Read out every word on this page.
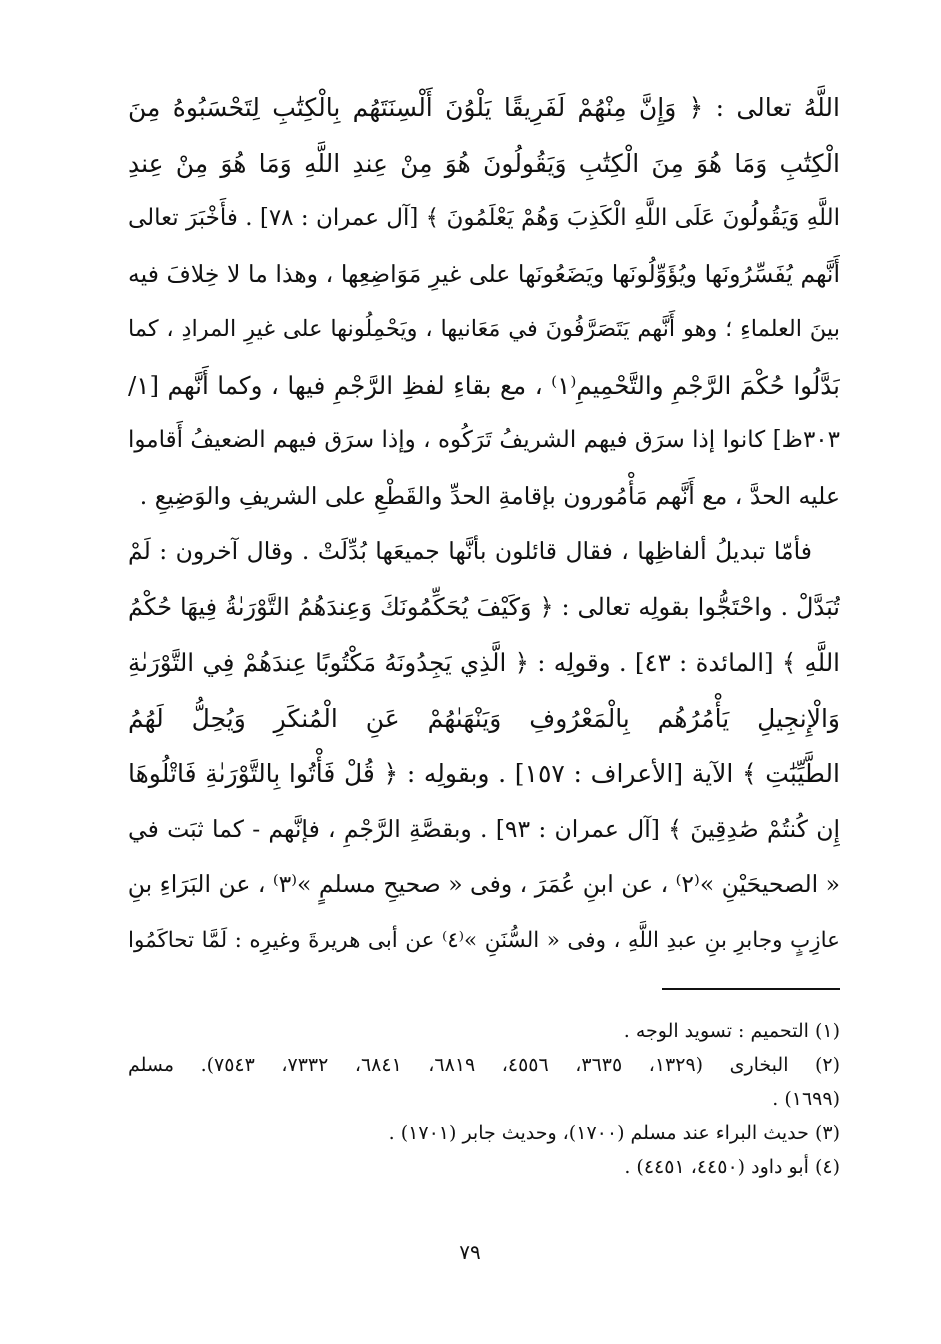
اللَّهُ تعالى : ﴿ وَإِنَّ مِنْهُمْ لَفَرِيقًا يَلْوُنَ أَلْسِنَتَهُم بِالْكِتَٰبِ لِتَحْسَبُوهُ مِنَ
الْكِتَٰبِ وَمَا هُوَ مِنَ الْكِتَٰبِ وَيَقُولُونَ هُوَ مِنْ عِندِ اللَّهِ وَمَا هُوَ مِنْ عِندِ
اللَّهِ وَيَقُولُونَ عَلَى اللَّهِ الْكَذِبَ وَهُمْ يَعْلَمُونَ ﴾ [آل عمران : ٧٨] . فأَخْبَرَ تعالى
أَنَّهم يُفَسِّرُونَها ويُؤَوِّلُونَها ويَضَعُونَها على غيرِ مَوَاضِعِها ، وهذا ما لا خِلافَ فيه
بينَ العلماءِ ؛ وهو أَنَّهم يَتَصَرَّفُونَ في مَعَانيها ، ويَحْمِلُونها على غيرِ المرادِ ، كما
بَدَّلُوا حُكْمَ الرَّجْمِ والتَّحْمِيمِ⁽١⁾ ، مع بقاءِ لفظِ الرَّجْمِ فيها ، وكما أَنَّهم [١/
٣٠٣ظ] كانوا إذا سرَق فيهم الشريفُ تَرَكُوه ، وإذا سرَق فيهم الضعيفُ أَقاموا
عليه الحدَّ ، مع أَنَّهم مَأْمُورون بإقامةِ الحدِّ والقَطْعِ على الشريفِ والوَضِيعِ .
فأمّا تبديلُ ألفاظِها ، فقال قائلون بأنَّها جميعَها بُدِّلَتْ . وقال آخرون : لَمْ
تُبَدَّلْ . واحْتَجُّوا بقولِه تعالى : ﴿ وَكَيْفَ يُحَكِّمُونَكَ وَعِندَهُمُ التَّوْرَىٰةُ فِيهَا حُكْمُ
اللَّهِ ﴾ [المائدة : ٤٣] . وقولِه : ﴿ الَّذِي يَجِدُونَهُ مَكْتُوبًا عِندَهُمْ فِي التَّوْرَىٰةِ
وَالْإِنجِيلِ يَأْمُرُهُم بِالْمَعْرُوفِ وَيَنْهَىٰهُمْ عَنِ الْمُنكَرِ وَيُحِلُّ لَهُمُ
الطَّيِّبَٰتِ ﴾ الآية [الأعراف : ١٥٧] . وبقولِه : ﴿ قُلْ فَأْتُوا بِالتَّوْرَىٰةِ فَاتْلُوهَا
إِن كُنتُمْ صَٰدِقِينَ ﴾ [آل عمران : ٩٣] . وبقصَّةِ الرَّجْمِ ، فإنَّهم - كما ثبَت في
« الصحيحَيْنِ »⁽٢⁾ ، عن ابنِ عُمَرَ ، وفى « صحيحِ مسلمٍ »⁽٣⁾ ، عن البَرَاءِ بنِ
عازِبٍ وجابرِ بنِ عبدِ اللَّهِ ، وفى « السُّنَنِ »⁽٤⁾ عن أبى هريرةَ وغيرِه : لَمَّا تحاكَمُوا
(١) التحميم : تسويد الوجه .
(٢) البخارى (١٣٢٩، ٣٦٣٥، ٤٥٥٦، ٦٨١٩، ٦٨٤١، ٧٣٣٢، ٧٥٤٣). مسلم
(١٦٩٩) .
(٣) حديث البراء عند مسلم (١٧٠٠)، وحديث جابر (١٧٠١) .
(٤) أبو داود (٤٤٥٠، ٤٤٥١) .
٧٩
